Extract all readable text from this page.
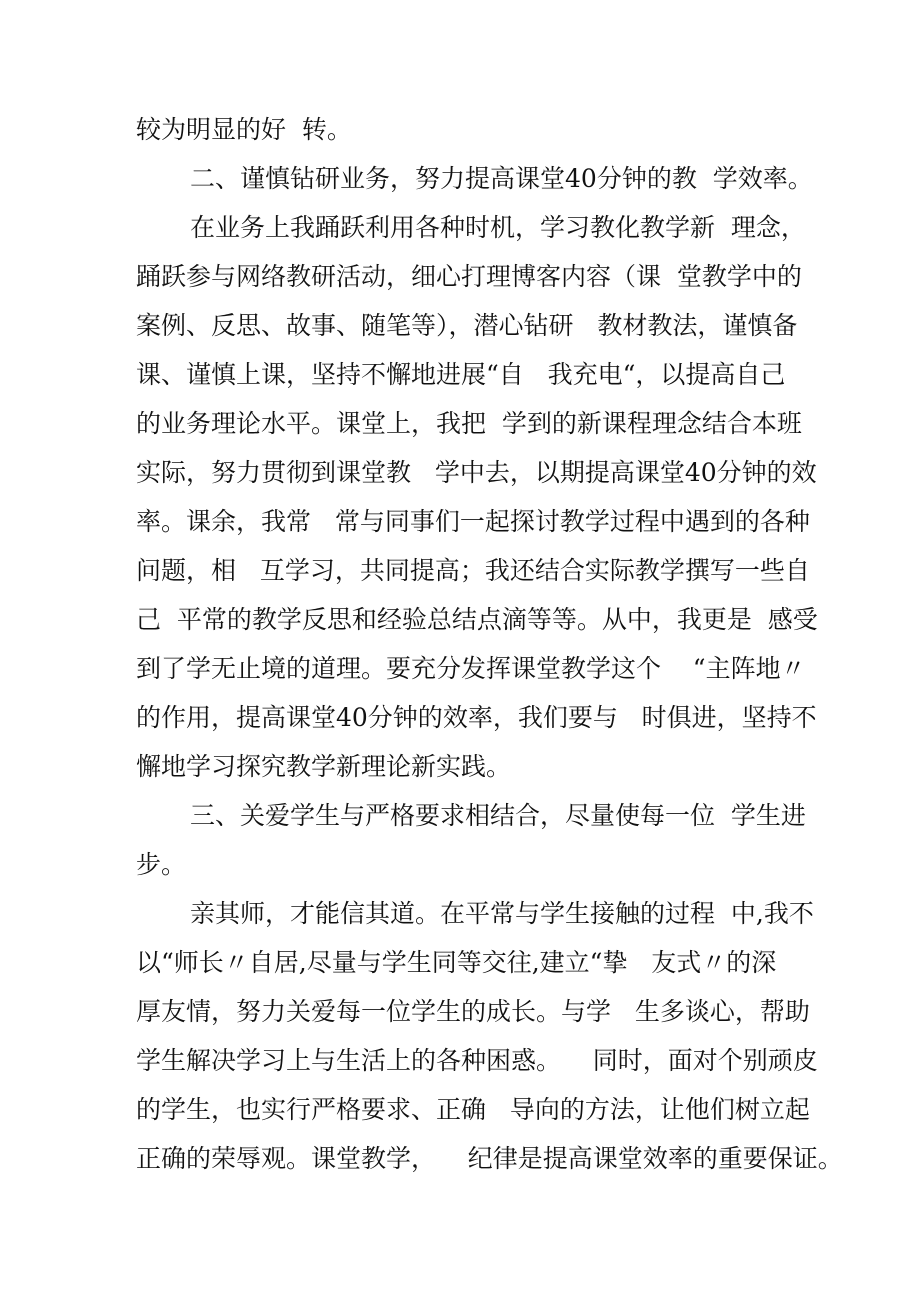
较为明显的好  转。
二、谨慎钻研业务，努力提高课堂40分钟的教  学效率。
在业务上我踊跃利用各种时机，学习教化教学新  理念，
踊跃参与网络教研活动，细心打理博客内容（课  堂教学中的
案例、反思、故事、随笔等），潜心钻研   教材教法，谨慎备
课、谨慎上课，坚持不懈地进展“自   我充电“，以提高自己
的业务理论水平。课堂上，我把  学到的新课程理念结合本班
实际，努力贯彻到课堂教   学中去，以期提高课堂40分钟的效
率。课余，我常   常与同事们一起探讨教学过程中遇到的各种
问题，相   互学习，共同提高；我还结合实际教学撰写一些自
己  平常的教学反思和经验总结点滴等等。从中，我更是  感受
到了学无止境的道理。要充分发挥课堂教学这个    “主阵地〃
的作用，提高课堂40分钟的效率，我们要与   时俱进，坚持不
懈地学习探究教学新理论新实践。
三、关爱学生与严格要求相结合，尽量使每一位  学生进
步。
亲其师，才能信其道。在平常与学生接触的过程  中,我不
以“师长〃自居,尽量与学生同等交往,建立“挚   友式〃的深
厚友情，努力关爱每一位学生的成长。与学   生多谈心，帮助
学生解决学习上与生活上的各种困惑。    同时，面对个别顽皮
的学生，也实行严格要求、正确   导向的方法，让他们树立起
正确的荣辱观。课堂教学，    纪律是提高课堂效率的重要保证。
